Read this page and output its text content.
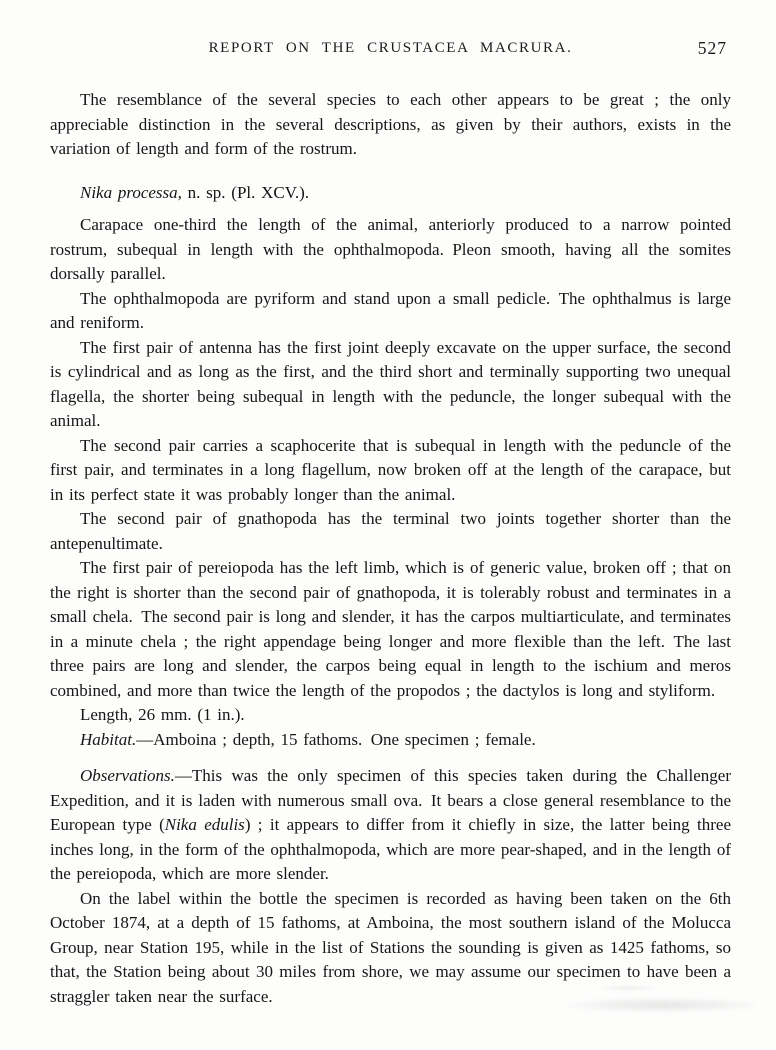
REPORT ON THE CRUSTACEA MACRURA.	527

The resemblance of the several species to each other appears to be great ; the only appreciable distinction in the several descriptions, as given by their authors, exists in the variation of length and form of the rostrum.

Nika processa, n. sp. (Pl. XCV.).

Carapace one-third the length of the animal, anteriorly produced to a narrow pointed rostrum, subequal in length with the ophthalmopoda. Pleon smooth, having all the somites dorsally parallel.

The ophthalmopoda are pyriform and stand upon a small pedicle. The ophthalmus is large and reniform.

The first pair of antenna has the first joint deeply excavate on the upper surface, the second is cylindrical and as long as the first, and the third short and terminally supporting two unequal flagella, the shorter being subequal in length with the peduncle, the longer subequal with the animal.

The second pair carries a scaphocerite that is subequal in length with the peduncle of the first pair, and terminates in a long flagellum, now broken off at the length of the carapace, but in its perfect state it was probably longer than the animal.

The second pair of gnathopoda has the terminal two joints together shorter than the antepenultimate.

The first pair of pereiopoda has the left limb, which is of generic value, broken off ; that on the right is shorter than the second pair of gnathopoda, it is tolerably robust and terminates in a small chela. The second pair is long and slender, it has the carpos multiarticulate, and terminates in a minute chela ; the right appendage being longer and more flexible than the left. The last three pairs are long and slender, the carpos being equal in length to the ischium and meros combined, and more than twice the length of the propodos ; the dactylos is long and styliform.

Length, 26 mm. (1 in.).

Habitat.—Amboina ; depth, 15 fathoms. One specimen ; female.

Observations.—This was the only specimen of this species taken during the Challenger Expedition, and it is laden with numerous small ova. It bears a close general resemblance to the European type (Nika edulis) ; it appears to differ from it chiefly in size, the latter being three inches long, in the form of the ophthalmopoda, which are more pear-shaped, and in the length of the pereiopoda, which are more slender.

On the label within the bottle the specimen is recorded as having been taken on the 6th October 1874, at a depth of 15 fathoms, at Amboina, the most southern island of the Molucca Group, near Station 195, while in the list of Stations the sounding is given as 1425 fathoms, so that, the Station being about 30 miles from shore, we may assume our specimen to have been a straggler taken near the surface.
